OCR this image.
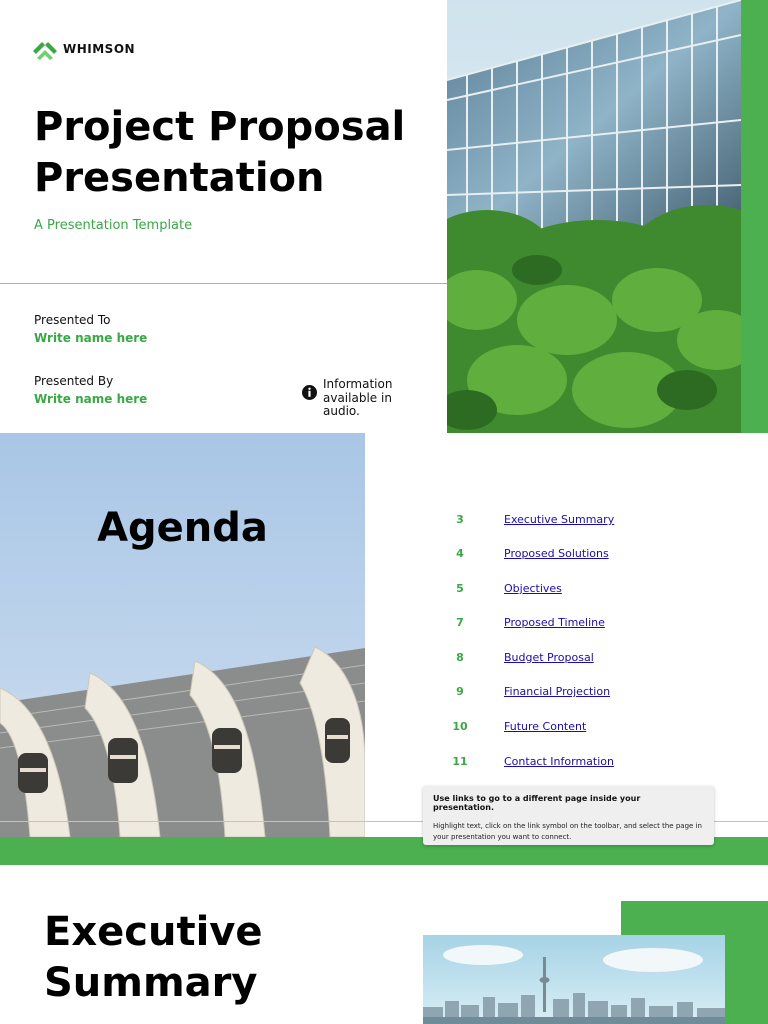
WHIMSON
A Presentation Template
Project Proposal Presentation
Presented To
Write name here
Presented By
Write name here
Information available in audio.
Agenda	3	Executive Summary
4	Proposed Solutions
5	Objectives
7	Proposed Timeline
8	Budget Proposal
9	Financial Projection
10	Future Content
11	Contact Information
Use links to go to a different page inside your presentation.
Highlight text, click on the link symbol on the toolbar, and select the page in your presentation you want to connect.
Executive Summary
